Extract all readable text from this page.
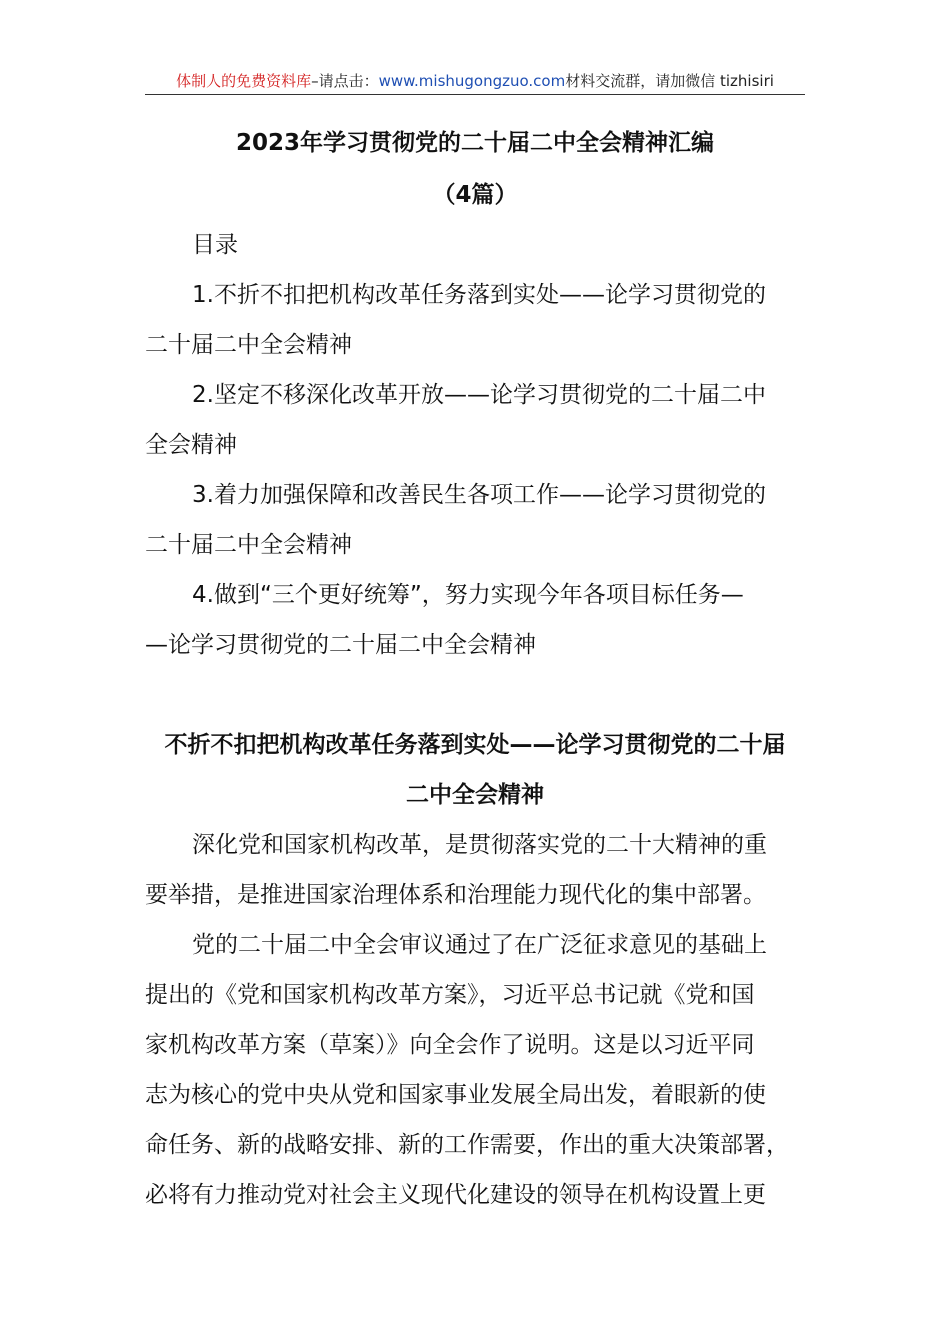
体制人的免费资料库–请点击：www.mishugongzuo.com材料交流群，请加微信 tizhisiri
2023年学习贯彻党的二十届二中全会精神汇编
（4篇）
目录
1.不折不扣把机构改革任务落到实处——论学习贯彻党的
二十届二中全会精神
2.坚定不移深化改革开放——论学习贯彻党的二十届二中
全会精神
3.着力加强保障和改善民生各项工作——论学习贯彻党的
二十届二中全会精神
4.做到“三个更好统筹”，努力实现今年各项目标任务—
—论学习贯彻党的二十届二中全会精神
不折不扣把机构改革任务落到实处——论学习贯彻党的二十届
二中全会精神
深化党和国家机构改革，是贯彻落实党的二十大精神的重
要举措，是推进国家治理体系和治理能力现代化的集中部署。
党的二十届二中全会审议通过了在广泛征求意见的基础上
提出的《党和国家机构改革方案》，习近平总书记就《党和国
家机构改革方案（草案）》向全会作了说明。这是以习近平同
志为核心的党中央从党和国家事业发展全局出发，着眼新的使
命任务、新的战略安排、新的工作需要，作出的重大决策部署，
必将有力推动党对社会主义现代化建设的领导在机构设置上更
